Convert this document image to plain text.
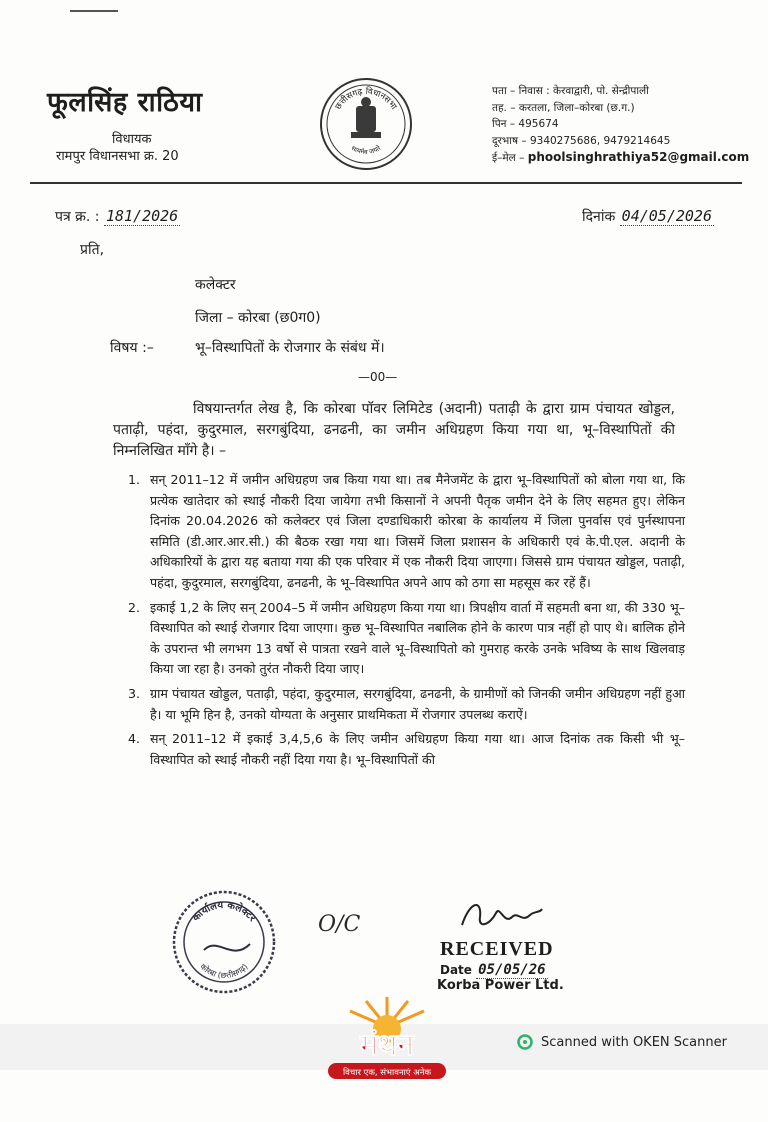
फूलसिंह राठिया
विधायक
रामपुर विधानसभा क्र. 20
छत्तीसगढ़ विधानसभा
सत्यमेव जयते
पता – निवास : केरवाद्वारी, पो. सेन्द्रीपाली
तह. – करतला, जिला–कोरबा (छ.ग.)
पिन – 495674
दूरभाष – 9340275686, 9479214645
ई–मेल – phoolsinghrathiya52@gmail.com
पत्र क्र. : 181/2026	दिनांक 04/05/2026
प्रति,
कलेक्टर
जिला – कोरबा (छ0ग0)
विषय :–	भू–विस्थापितों के रोजगार के संबंध में।
—00—
विषयान्तर्गत लेख है, कि कोरबा पॉवर लिमिटेड (अदानी) पताढ़ी के द्वारा ग्राम पंचायत खोड्डल, पताढ़ी, पहंदा, कुदुरमाल, सरगबुंदिया, ढनढनी, का जमीन अधिग्रहण किया गया था, भू–विस्थापितों की निम्नलिखित माँगे है। –
1. सन् 2011–12 में जमीन अधिग्रहण जब किया गया था। तब मैनेजमेंट के द्वारा भू–विस्थापितों को बोला गया था, कि प्रत्येक खातेदार को स्थाई नौकरी दिया जायेगा तभी किसानों ने अपनी पैतृक जमीन देने के लिए सहमत हुए। लेकिन दिनांक 20.04.2026 को कलेक्टर एवं जिला दण्डाधिकारी कोरबा के कार्यालय में जिला पुनर्वास एवं पुर्नस्थापना समिति (डी.आर.आर.सी.) की बैठक रखा गया था। जिसमें जिला प्रशासन के अधिकारी एवं के.पी.एल. अदानी के अधिकारियों के द्वारा यह बताया गया की एक परिवार में एक नौकरी दिया जाएगा। जिससे ग्राम पंचायत खोड्डल, पताढ़ी, पहंदा, कुदुरमाल, सरगबुंदिया, ढनढनी, के भू–विस्थापित अपने आप को ठगा सा महसूस कर रहें हैं।
2. इकाई 1,2 के लिए सन् 2004–5 में जमीन अधिग्रहण किया गया था। त्रिपक्षीय वार्ता में सहमती बना था, की 330 भू–विस्थापित को स्थाई रोजगार दिया जाएगा। कुछ भू–विस्थापित नबालिक होने के कारण पात्र नहीं हो पाए थे। बालिक होने के उपरान्त भी लगभग 13 वर्षो से पात्रता रखने वाले भू–विस्थापितो को गुमराह करके उनके भविष्य के साथ खिलवाड़ किया जा रहा है। उनको तुरंत नौकरी दिया जाए।
3. ग्राम पंचायत खोड्डल, पताढ़ी, पहंदा, कुदुरमाल, सरगबुंदिया, ढनढनी, के ग्रामीणों को जिनकी जमीन अधिग्रहण नहीं हुआ है। या भूमि हिन है, उनको योग्यता के अनुसार प्राथमिकता में रोजगार उपलब्ध कराऐं।
4. सन् 2011–12 में इकाई 3,4,5,6 के लिए जमीन अधिग्रहण किया गया था। आज दिनांक तक किसी भी भू–विस्थापित को स्थाई नौकरी नहीं दिया गया है। भू–विस्थापितों की
कार्यालय कलेक्टर
कोरबा (छत्तीसगढ़)
O/C
RECEIVED
Date 05/05/26
Korba Power Ltd.
मंथन
विचार एक, संभावनाएं अनेक
Scanned with OKEN Scanner
